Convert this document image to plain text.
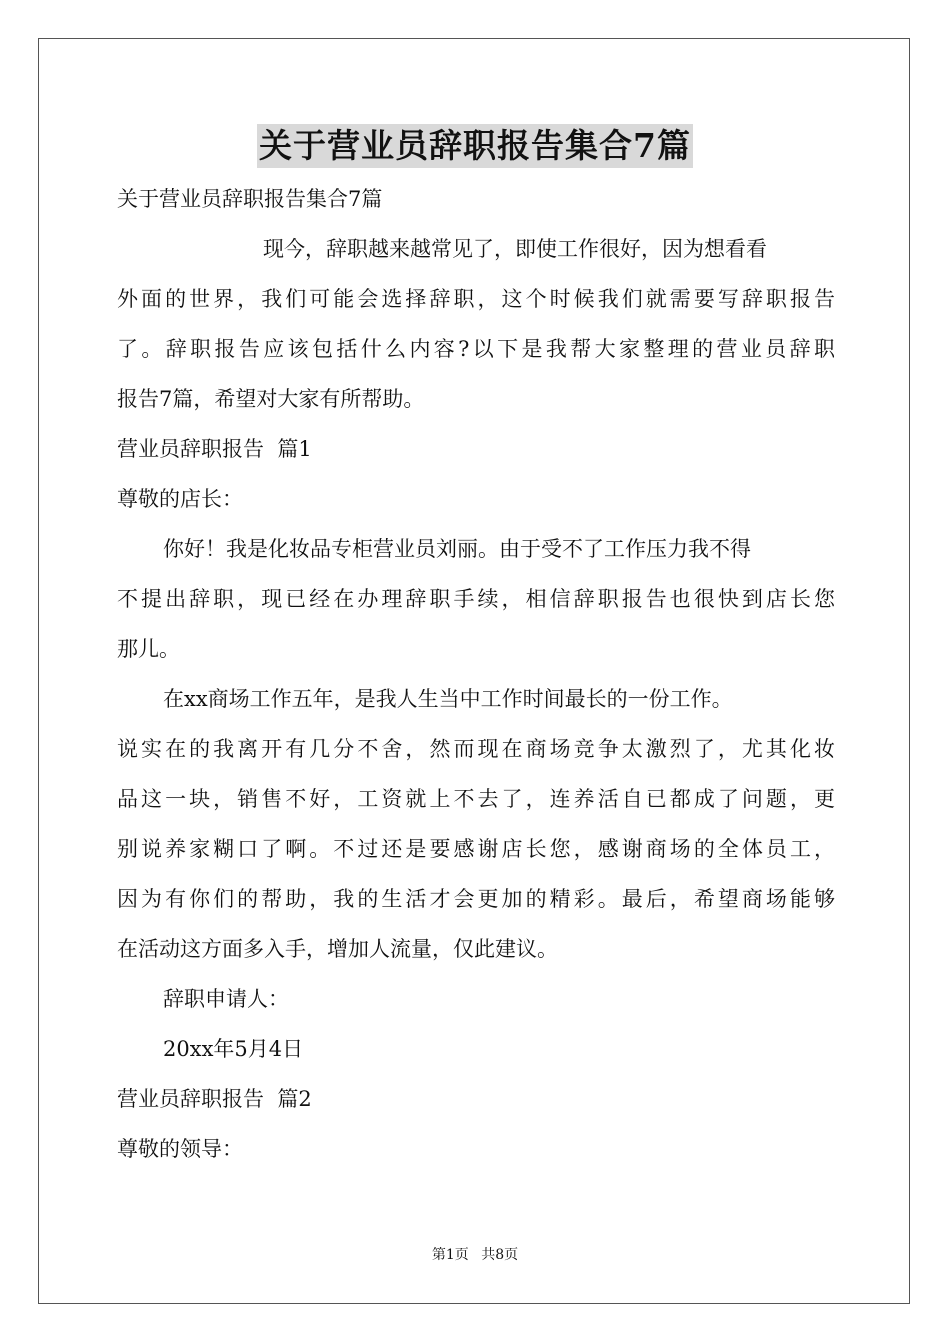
关于营业员辞职报告集合7篇

关于营业员辞职报告集合7篇

现今，辞职越来越常见了，即使工作很好，因为想看看

外面的世界，我们可能会选择辞职，这个时候我们就需要写辞职报告

了。辞职报告应该包括什么内容?以下是我帮大家整理的营业员辞职

报告7篇，希望对大家有所帮助。

营业员辞职报告  篇1

尊敬的店长：

你好！我是化妆品专柜营业员刘丽。由于受不了工作压力我不得

不提出辞职，现已经在办理辞职手续，相信辞职报告也很快到店长您

那儿。

在xx商场工作五年，是我人生当中工作时间最长的一份工作。

说实在的我离开有几分不舍，然而现在商场竞争太激烈了，尤其化妆

品这一块，销售不好，工资就上不去了，连养活自已都成了问题，更

别说养家糊口了啊。不过还是要感谢店长您，感谢商场的全体员工，

因为有你们的帮助，我的生活才会更加的精彩。最后，希望商场能够

在活动这方面多入手，增加人流量，仅此建议。

辞职申请人：

20xx年5月4日

营业员辞职报告  篇2

尊敬的领导：

第1页 共8页
